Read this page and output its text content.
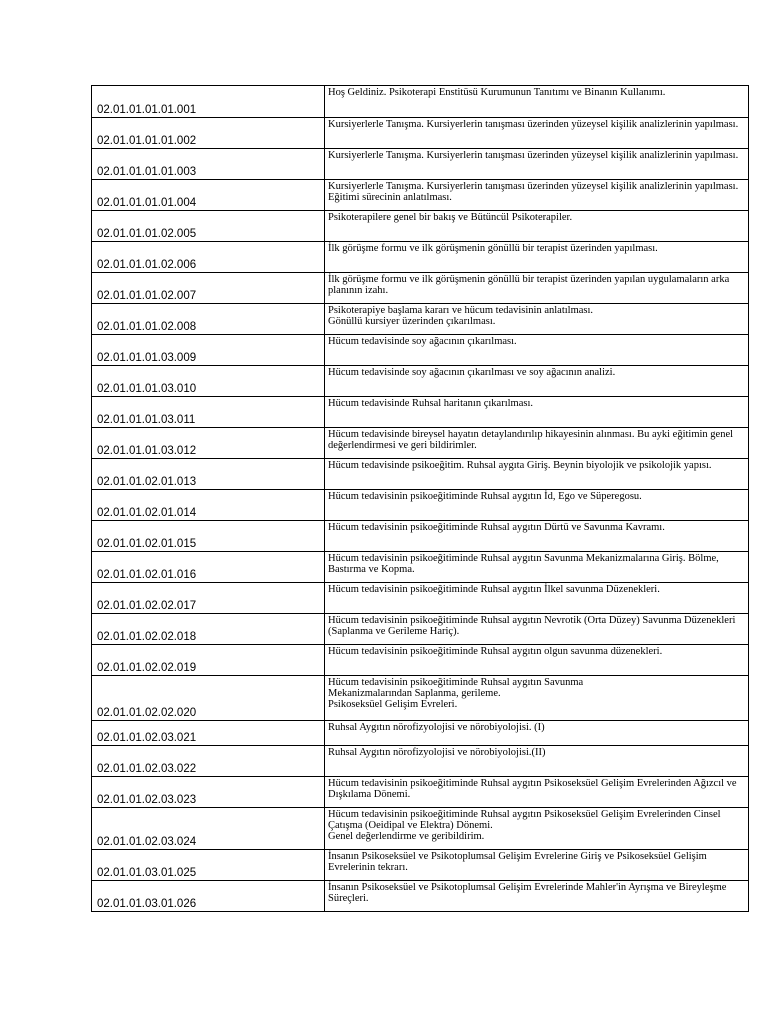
02.01.01.01.01.001	Hoş Geldiniz. Psikoterapi Enstitüsü Kurumunun Tanıtımı ve Binanın Kullanımı.
02.01.01.01.01.002	Kursiyerlerle Tanışma. Kursiyerlerin tanışması üzerinden yüzeysel kişilik analizlerinin yapılması.
02.01.01.01.01.003	Kursiyerlerle Tanışma. Kursiyerlerin tanışması üzerinden yüzeysel kişilik analizlerinin yapılması.
02.01.01.01.01.004	Kursiyerlerle Tanışma. Kursiyerlerin tanışması üzerinden yüzeysel kişilik analizlerinin yapılması. Eğitimi sürecinin anlatılması.
02.01.01.01.02.005	Psikoterapilere genel bir bakış ve Bütüncül Psikoterapiler.
02.01.01.01.02.006	İlk görüşme formu ve ilk görüşmenin gönüllü bir terapist üzerinden yapılması.
02.01.01.01.02.007	İlk görüşme formu ve ilk görüşmenin gönüllü bir terapist üzerinden yapılan uygulamaların arka planının izahı.
02.01.01.01.02.008	Psikoterapiye başlama kararı ve hücum tedavisinin anlatılması.
Gönüllü kursiyer üzerinden çıkarılması.
02.01.01.01.03.009	Hücum tedavisinde soy ağacının çıkarılması.
02.01.01.01.03.010	Hücum tedavisinde soy ağacının çıkarılması ve soy ağacının analizi.
02.01.01.01.03.011	Hücum tedavisinde Ruhsal haritanın çıkarılması.
02.01.01.01.03.012	Hücum tedavisinde bireysel hayatın detaylandırılıp hikayesinin alınması. Bu ayki eğitimin genel değerlendirmesi ve geri bildirimler.
02.01.01.02.01.013	Hücum tedavisinde psikoeğitim. Ruhsal aygıta Giriş. Beynin biyolojik ve psikolojik yapısı.
02.01.01.02.01.014	Hücum tedavisinin psikoeğitiminde Ruhsal aygıtın İd, Ego ve Süperegosu.
02.01.01.02.01.015	Hücum tedavisinin psikoeğitiminde Ruhsal aygıtın Dürtü ve Savunma Kavramı.
02.01.01.02.01.016	Hücum tedavisinin psikoeğitiminde Ruhsal aygıtın Savunma Mekanizmalarına Giriş. Bölme, Bastırma ve Kopma.
02.01.01.02.02.017	Hücum tedavisinin psikoeğitiminde Ruhsal aygıtın İlkel savunma Düzenekleri.
02.01.01.02.02.018	Hücum tedavisinin psikoeğitiminde Ruhsal aygıtın Nevrotik (Orta Düzey) Savunma Düzenekleri (Saplanma ve Gerileme Hariç).
02.01.01.02.02.019	Hücum tedavisinin psikoeğitiminde Ruhsal aygıtın olgun savunma düzenekleri.
02.01.01.02.02.020	Hücum tedavisinin psikoeğitiminde Ruhsal aygıtın Savunma
Mekanizmalarından Saplanma, gerileme.
Psikoseksüel Gelişim Evreleri.
02.01.01.02.03.021	Ruhsal Aygıtın nörofizyolojisi ve nörobiyolojisi. (I)
02.01.01.02.03.022	Ruhsal Aygıtın nörofizyolojisi ve nörobiyolojisi.(II)
02.01.01.02.03.023	Hücum tedavisinin psikoeğitiminde Ruhsal aygıtın Psikoseksüel Gelişim Evrelerinden Ağızcıl ve Dışkılama Dönemi.
02.01.01.02.03.024	Hücum tedavisinin psikoeğitiminde Ruhsal aygıtın Psikoseksüel Gelişim Evrelerinden Cinsel Çatışma (Oeidipal ve Elektra) Dönemi.
Genel değerlendirme ve geribildirim.
02.01.01.03.01.025	İnsanın Psikoseksüel ve Psikotoplumsal Gelişim Evrelerine Giriş ve Psikoseksüel Gelişim Evrelerinin tekrarı.
02.01.01.03.01.026	İnsanın Psikoseksüel ve Psikotoplumsal Gelişim Evrelerinde Mahler'in Ayrışma ve Bireyleşme Süreçleri.
